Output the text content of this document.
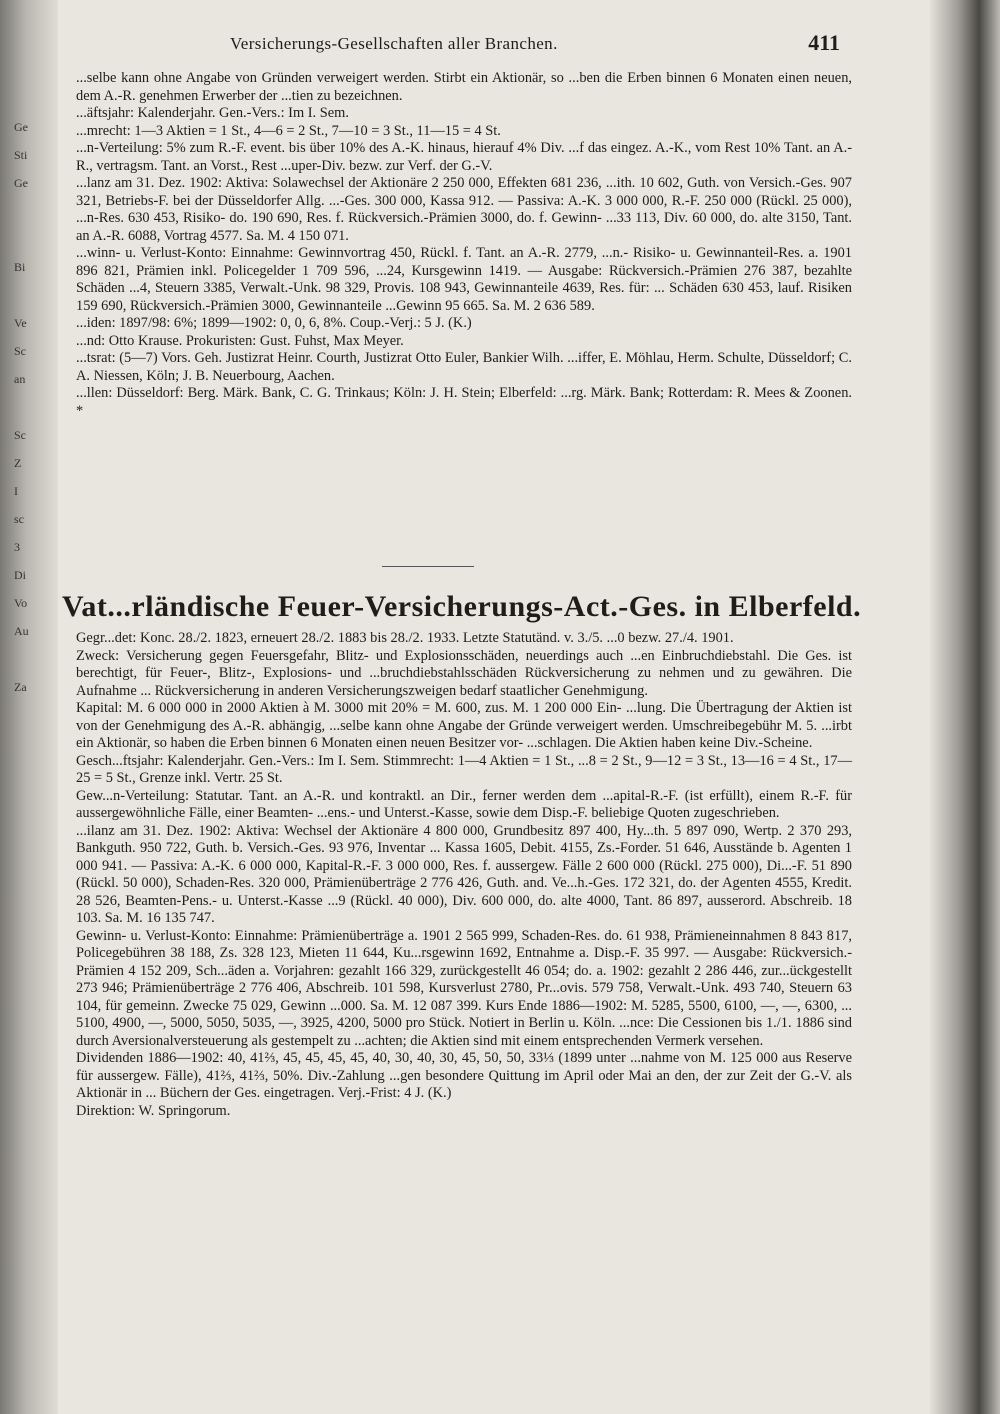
Ge
Sti
Ge
Bi
Ve
Sc
an
Sc
Z
I
sc
3
Di
Vo
Au
Za
Versicherungs-Gesellschaften aller Branchen.	411

...selbe kann ohne Angabe von Gründen verweigert werden. Stirbt ein Aktionär, so ...ben die Erben binnen 6 Monaten einen neuen, dem A.-R. genehmen Erwerber der ...tien zu bezeichnen.

...äftsjahr: Kalenderjahr. Gen.-Vers.: Im I. Sem.

...mrecht: 1—3 Aktien = 1 St., 4—6 = 2 St., 7—10 = 3 St., 11—15 = 4 St.

...n-Verteilung: 5% zum R.-F. event. bis über 10% des A.-K. hinaus, hierauf 4% Div. ...f das eingez. A.-K., vom Rest 10% Tant. an A.-R., vertragsm. Tant. an Vorst., Rest ...uper-Div. bezw. zur Verf. der G.-V.

...lanz am 31. Dez. 1902: Aktiva: Solawechsel der Aktionäre 2 250 000, Effekten 681 236, ...ith. 10 602, Guth. von Versich.-Ges. 907 321, Betriebs-F. bei der Düsseldorfer Allg. ...-Ges. 300 000, Kassa 912. — Passiva: A.-K. 3 000 000, R.-F. 250 000 (Rückl. 25 000), ...n-Res. 630 453, Risiko- do. 190 690, Res. f. Rückversich.-Prämien 3000, do. f. Gewinn- ...33 113, Div. 60 000, do. alte 3150, Tant. an A.-R. 6088, Vortrag 4577. Sa. M. 4 150 071.

...winn- u. Verlust-Konto: Einnahme: Gewinnvortrag 450, Rückl. f. Tant. an A.-R. 2779, ...n.- Risiko- u. Gewinnanteil-Res. a. 1901 896 821, Prämien inkl. Policegelder 1 709 596, ...24, Kursgewinn 1419. — Ausgabe: Rückversich.-Prämien 276 387, bezahlte Schäden ...4, Steuern 3385, Verwalt.-Unk. 98 329, Provis. 108 943, Gewinnanteile 4639, Res. für: ... Schäden 630 453, lauf. Risiken 159 690, Rückversich.-Prämien 3000, Gewinnanteile ...Gewinn 95 665. Sa. M. 2 636 589.

...iden: 1897/98: 6%; 1899—1902: 0, 0, 6, 8%. Coup.-Verj.: 5 J. (K.)

...nd: Otto Krause. Prokuristen: Gust. Fuhst, Max Meyer.

...tsrat: (5—7) Vors. Geh. Justizrat Heinr. Courth, Justizrat Otto Euler, Bankier Wilh. ...iffer, E. Möhlau, Herm. Schulte, Düsseldorf; C. A. Niessen, Köln; J. B. Neuerbourg, Aachen.

...llen: Düsseldorf: Berg. Märk. Bank, C. G. Trinkaus; Köln: J. H. Stein; Elberfeld: ...rg. Märk. Bank; Rotterdam: R. Mees & Zoonen. *

Vat...rländische Feuer-Versicherungs-Act.-Ges. in Elberfeld.

Gegr...det: Konc. 28./2. 1823, erneuert 28./2. 1883 bis 28./2. 1933. Letzte Statutänd. v. 3./5. ...0 bezw. 27./4. 1901.

Zweck: Versicherung gegen Feuersgefahr, Blitz- und Explosionsschäden, neuerdings auch ...en Einbruchdiebstahl. Die Ges. ist berechtigt, für Feuer-, Blitz-, Explosions- und ...bruchdiebstahlsschäden Rückversicherung zu nehmen und zu gewähren. Die Aufnahme ... Rückversicherung in anderen Versicherungszweigen bedarf staatlicher Genehmigung.

Kapital: M. 6 000 000 in 2000 Aktien à M. 3000 mit 20% = M. 600, zus. M. 1 200 000 Ein- ...lung. Die Übertragung der Aktien ist von der Genehmigung des A.-R. abhängig, ...selbe kann ohne Angabe der Gründe verweigert werden. Umschreibegebühr M. 5. ...irbt ein Aktionär, so haben die Erben binnen 6 Monaten einen neuen Besitzer vor- ...schlagen. Die Aktien haben keine Div.-Scheine.

Gesch...ftsjahr: Kalenderjahr. Gen.-Vers.: Im I. Sem. Stimmrecht: 1—4 Aktien = 1 St., ...8 = 2 St., 9—12 = 3 St., 13—16 = 4 St., 17—25 = 5 St., Grenze inkl. Vertr. 25 St.

Gew...n-Verteilung: Statutar. Tant. an A.-R. und kontraktl. an Dir., ferner werden dem ...apital-R.-F. (ist erfüllt), einem R.-F. für aussergewöhnliche Fälle, einer Beamten- ...ens.- und Unterst.-Kasse, sowie dem Disp.-F. beliebige Quoten zugeschrieben.

...ilanz am 31. Dez. 1902: Aktiva: Wechsel der Aktionäre 4 800 000, Grundbesitz 897 400, Hy...th. 5 897 090, Wertp. 2 370 293, Bankguth. 950 722, Guth. b. Versich.-Ges. 93 976, Inventar ... Kassa 1605, Debit. 4155, Zs.-Forder. 51 646, Ausstände b. Agenten 1 000 941. — Passiva: A.-K. 6 000 000, Kapital-R.-F. 3 000 000, Res. f. aussergew. Fälle 2 600 000 (Rückl. 275 000), Di...-F. 51 890 (Rückl. 50 000), Schaden-Res. 320 000, Prämienüberträge 2 776 426, Guth. and. Ve...h.-Ges. 172 321, do. der Agenten 4555, Kredit. 28 526, Beamten-Pens.- u. Unterst.-Kasse ...9 (Rückl. 40 000), Div. 600 000, do. alte 4000, Tant. 86 897, ausserord. Abschreib. 18 103. Sa. M. 16 135 747.

Gewinn- u. Verlust-Konto: Einnahme: Prämienüberträge a. 1901 2 565 999, Schaden-Res. do. 61 938, Prämieneinnahmen 8 843 817, Policegebühren 38 188, Zs. 328 123, Mieten 11 644, Ku...rsgewinn 1692, Entnahme a. Disp.-F. 35 997. — Ausgabe: Rückversich.-Prämien 4 152 209, Sch...äden a. Vorjahren: gezahlt 166 329, zurückgestellt 46 054; do. a. 1902: gezahlt 2 286 446, zur...ückgestellt 273 946; Prämienüberträge 2 776 406, Abschreib. 101 598, Kursverlust 2780, Pr...ovis. 579 758, Verwalt.-Unk. 493 740, Steuern 63 104, für gemeinn. Zwecke 75 029, Gewinn ...000. Sa. M. 12 087 399. Kurs Ende 1886—1902: M. 5285, 5500, 6100, —, —, 6300, ... 5100, 4900, —, 5000, 5050, 5035, —, 3925, 4200, 5000 pro Stück. Notiert in Berlin u. Köln. ...nce: Die Cessionen bis 1./1. 1886 sind durch Aversionalversteuerung als gestempelt zu ...achten; die Aktien sind mit einem entsprechenden Vermerk versehen.

Dividenden 1886—1902: 40, 41⅔, 45, 45, 45, 45, 40, 30, 40, 30, 45, 50, 50, 33⅓ (1899 unter ...nahme von M. 125 000 aus Reserve für aussergew. Fälle), 41⅔, 41⅔, 50%. Div.-Zahlung ...gen besondere Quittung im April oder Mai an den, der zur Zeit der G.-V. als Aktionär in ... Büchern der Ges. eingetragen. Verj.-Frist: 4 J. (K.)

Direktion: W. Springorum.
